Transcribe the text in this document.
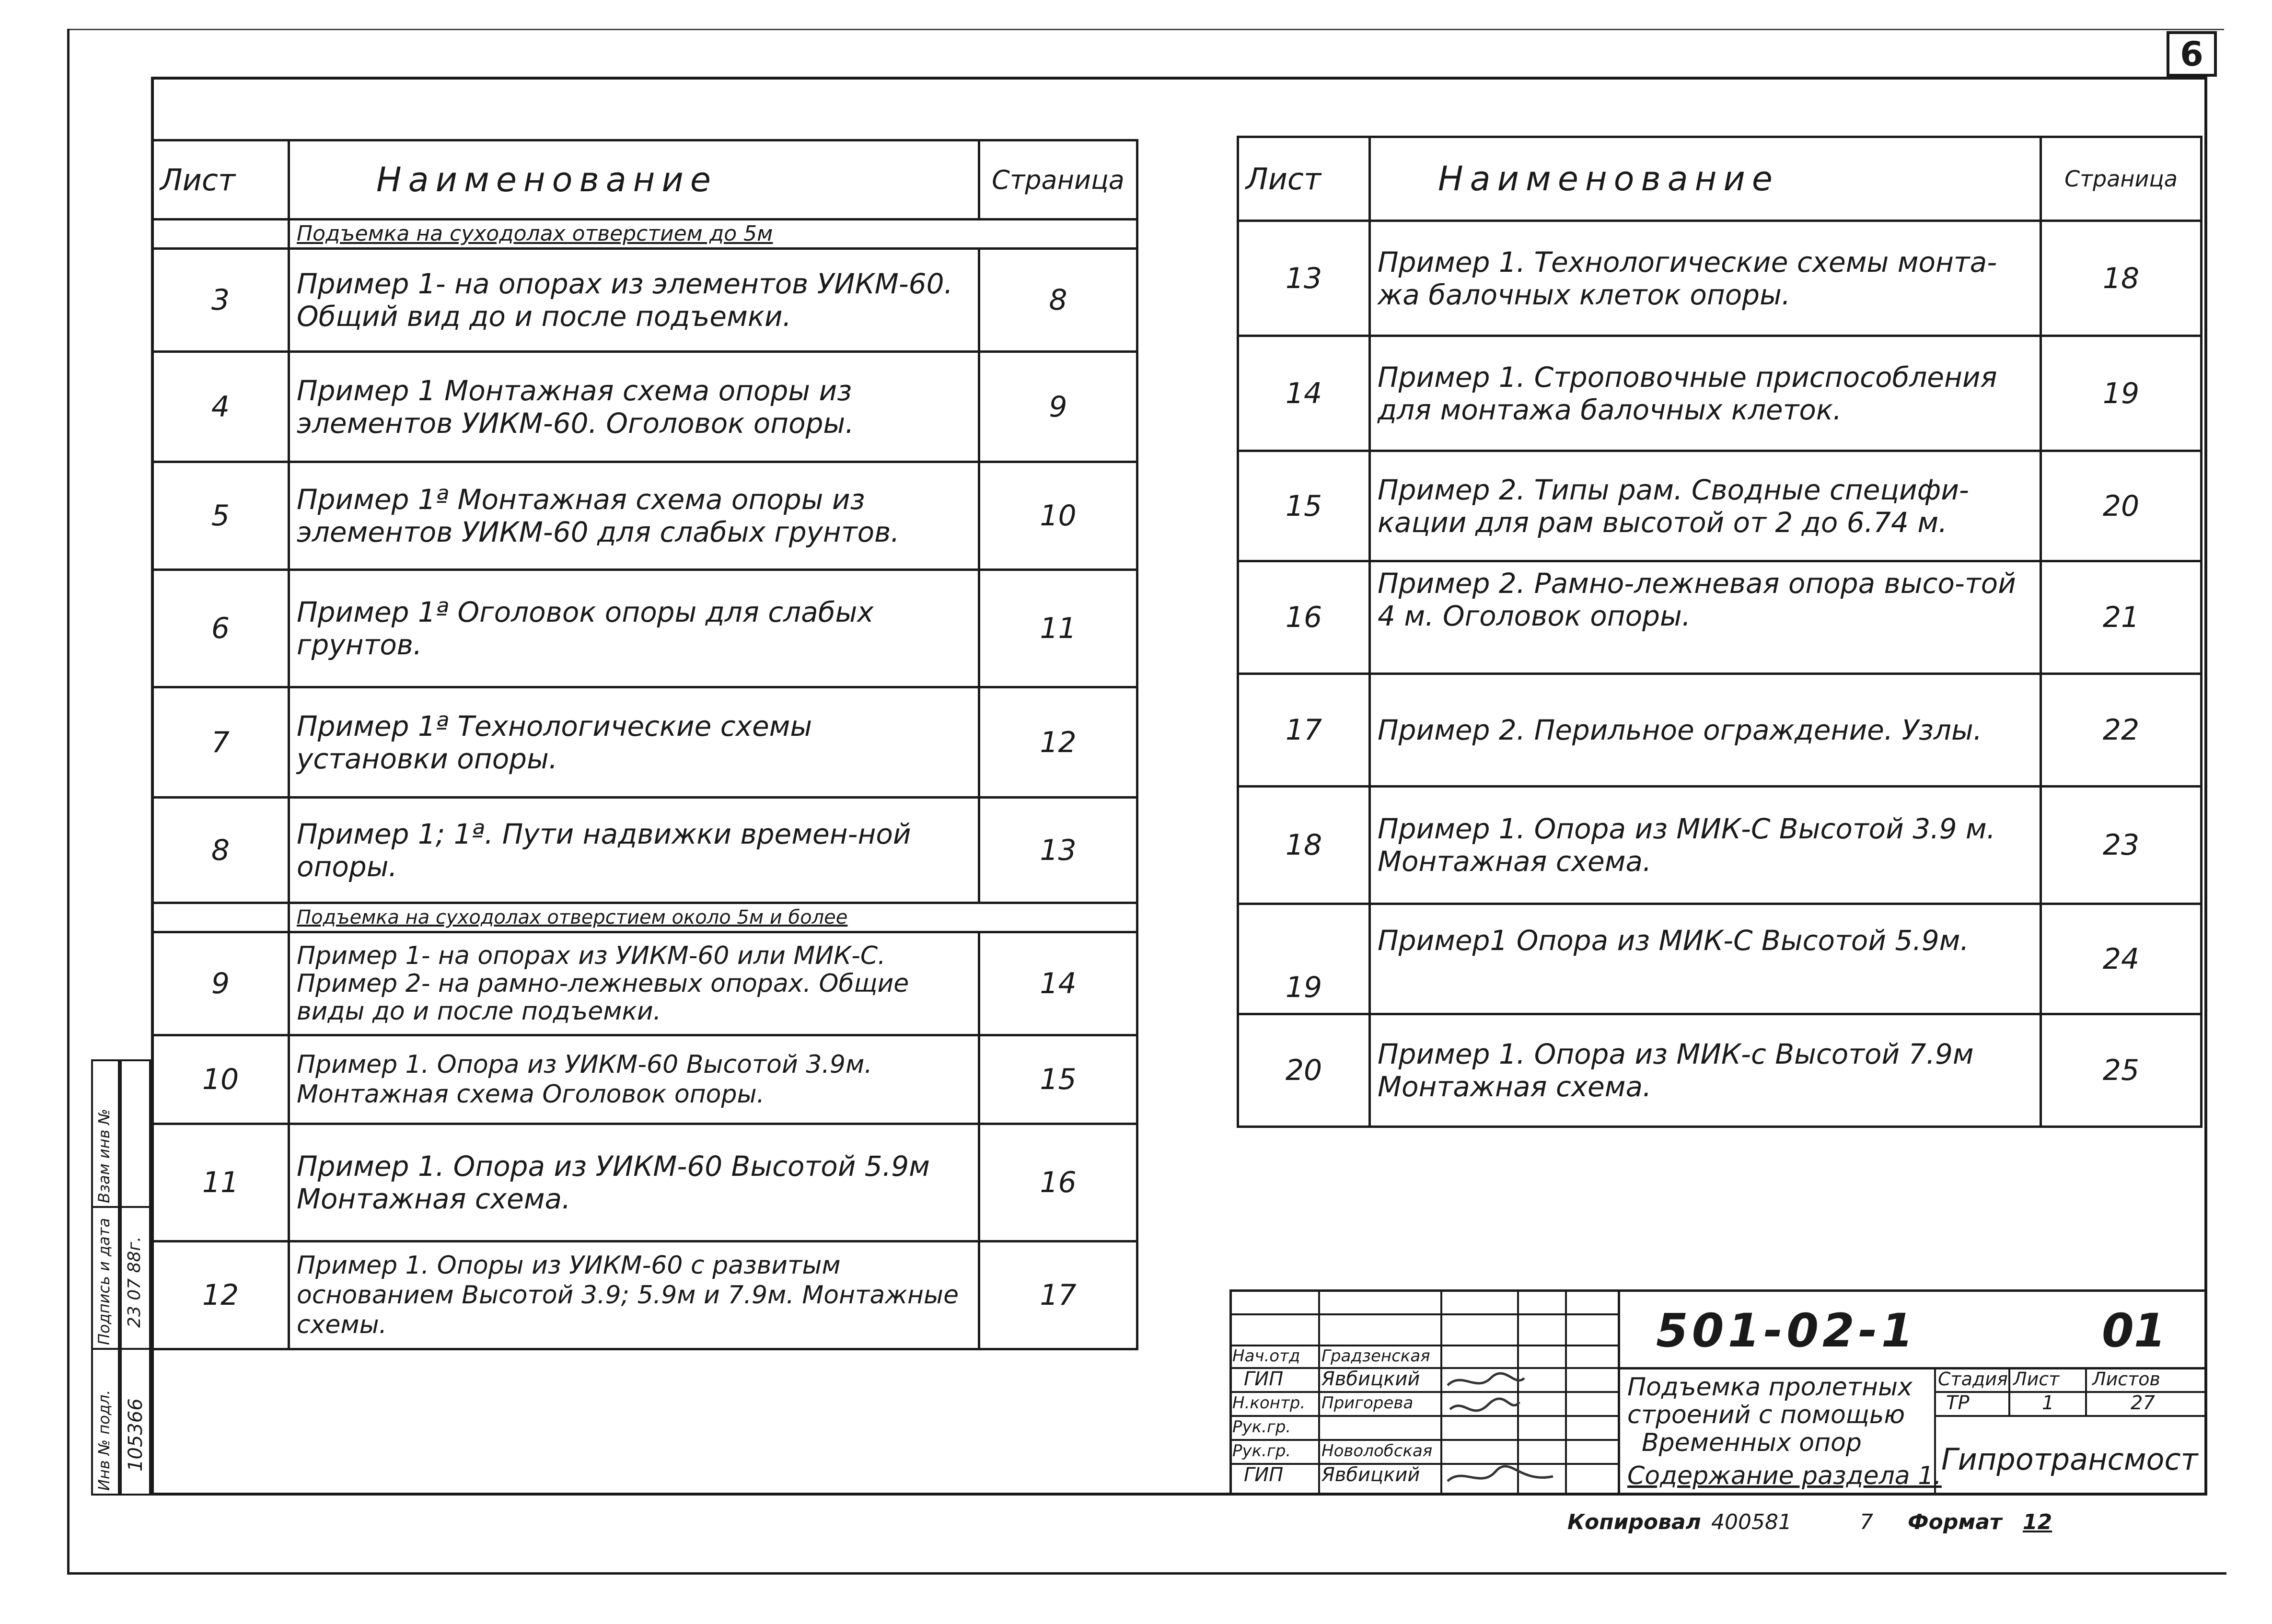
6
Лист	Наименование	Страница
	Подъемка на суходолах отверстием до 5м	
3	Пример 1- на опорах из элементов УИКМ-60. Общий вид до и после подъемки.	8
4	Пример 1 Монтажная схема опоры из элементов УИКМ-60. Оголовок опоры.	9
5	Пример 1ª Монтажная схема опоры из элементов УИКМ-60 для слабых грунтов.	10
6	Пример 1ª Оголовок опоры для слабых грунтов.	11
7	Пример 1ª Технологические схемы установки опоры.	12
8	Пример 1; 1ª. Пути надвижки времен-ной опоры.	13
	Подъемка на суходолах отверстием около 5м и более	
9	Пример 1- на опорах из УИКМ-60 или МИК-С. Пример 2- на рамно-лежневых опорах. Общие виды до и после подъемки.	14
10	Пример 1. Опора из УИКМ-60 Высотой 3.9м. Монтажная схема Оголовок опоры.	15
11	Пример 1. Опора из УИКМ-60 Высотой 5.9м Монтажная схема.	16
12	Пример 1. Опоры из УИКМ-60 с развитым основанием Высотой 3.9; 5.9м и 7.9м. Монтажные схемы.	17
Лист	Наименование	Страница
13	Пример 1. Технологические схемы монта-жа балочных клеток опоры.	18
14	Пример 1. Строповочные приспособления для монтажа балочных клеток.	19
15	Пример 2. Типы рам. Сводные специфи-кации для рам высотой от 2 до 6.74 м.	20
16	Пример 2. Рамно-лежневая опора высо-той 4 м. Оголовок опоры.	21
17	Пример 2. Перильное ограждение. Узлы.	22
18	Пример 1. Опора из МИК-С Высотой 3.9 м. Монтажная схема.	23
19	Пример1 Опора из МИК-С Высотой 5.9м.	24
20	Пример 1. Опора из МИК-с Высотой 7.9м Монтажная схема.	25
501-02-1	01
Нач.отд Градзенская
ГИП Явбицкий
Н.контр. Пригорева
Рук.гр.
Рук.гр. Новолобская
ГИП Явбицкий
Подъемка пролетных
строений с помощью
Временных опор
Содержание раздела 1.
Стадия Лист Листов
ТР	1	27
Гипротрансмост
Взам инв №
Подпись и дата 23 07 88г.
Инв № подл. 105366
Копировал 400581	7 Формат 12
